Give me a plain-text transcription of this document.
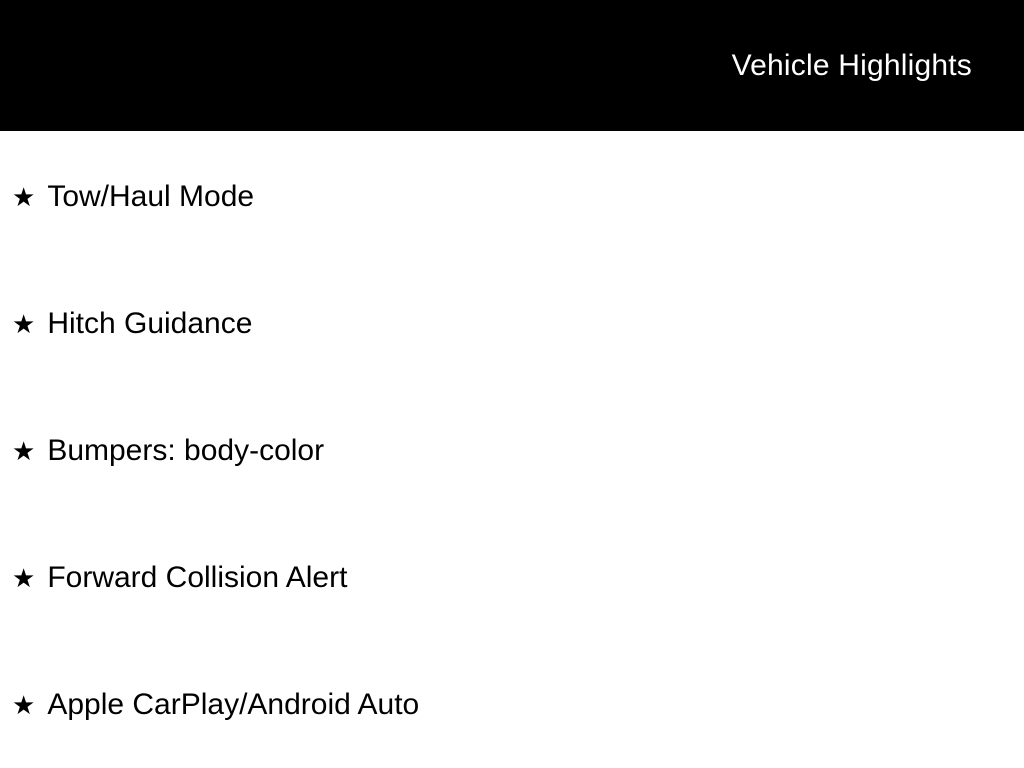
Vehicle Highlights
★ Tow/Haul Mode
★ Hitch Guidance
★ Bumpers: body-color
★ Forward Collision Alert
★ Apple CarPlay/Android Auto
